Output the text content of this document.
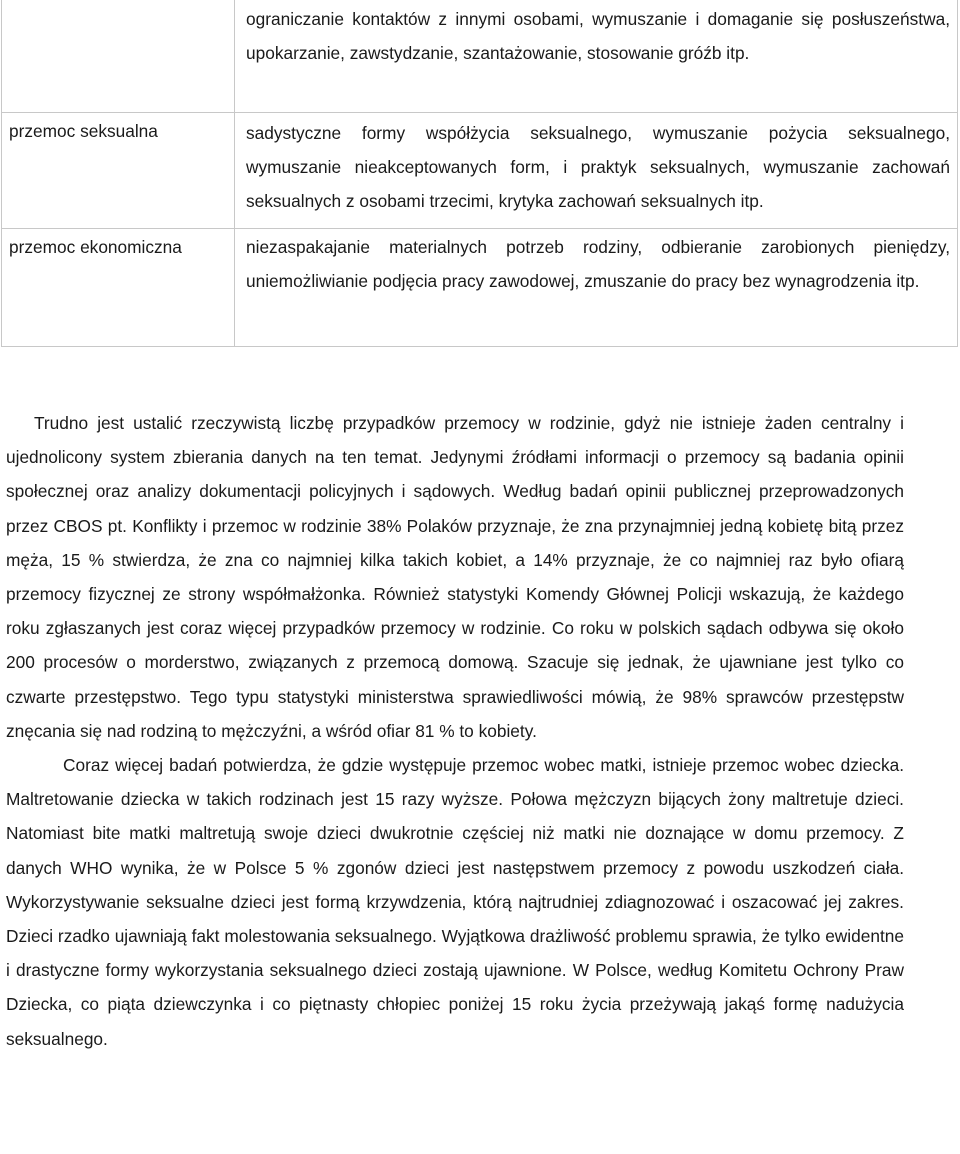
	ograniczanie kontaktów z innymi osobami, wymuszanie i domaganie się posłuszeństwa, upokarzanie, zawstydzanie, szantażowanie, stosowanie gróźb itp.
przemoc seksualna	sadystyczne formy współżycia seksualnego, wymuszanie pożycia seksualnego, wymuszanie nieakceptowanych form, i praktyk seksualnych, wymuszanie zachowań seksualnych z osobami trzecimi, krytyka zachowań seksualnych itp.
przemoc ekonomiczna	niezaspakajanie materialnych potrzeb rodziny, odbieranie zarobionych pieniędzy, uniemożliwianie podjęcia pracy zawodowej, zmuszanie do pracy bez wynagrodzenia itp.

Trudno jest ustalić rzeczywistą liczbę przypadków przemocy w rodzinie, gdyż nie istnieje żaden centralny i ujednolicony system zbierania danych na ten temat. Jedynymi źródłami informacji o przemocy są badania opinii społecznej oraz analizy dokumentacji policyjnych i sądowych. Według badań opinii publicznej przeprowadzonych przez CBOS pt. Konflikty i przemoc w rodzinie 38% Polaków przyznaje, że zna przynajmniej jedną kobietę bitą przez męża, 15 % stwierdza, że zna co najmniej kilka takich kobiet, a 14% przyznaje, że co najmniej raz było ofiarą przemocy fizycznej ze strony współmałżonka. Również statystyki Komendy Głównej Policji wskazują, że każdego roku zgłaszanych jest coraz więcej przypadków przemocy w rodzinie. Co roku w polskich sądach odbywa się około 200 procesów o morderstwo, związanych z przemocą domową. Szacuje się jednak, że ujawniane jest tylko co czwarte przestępstwo. Tego typu statystyki ministerstwa sprawiedliwości mówią, że 98% sprawców przestępstw znęcania się nad rodziną to mężczyźni, a wśród ofiar 81 % to kobiety.

Coraz więcej badań potwierdza, że gdzie występuje przemoc wobec matki, istnieje przemoc wobec dziecka. Maltretowanie dziecka w takich rodzinach jest 15 razy wyższe. Połowa mężczyzn bijących żony maltretuje dzieci. Natomiast bite matki maltretują swoje dzieci dwukrotnie częściej niż matki nie doznające w domu przemocy. Z danych WHO wynika, że w Polsce 5 % zgonów dzieci jest następstwem przemocy z powodu uszkodzeń ciała. Wykorzystywanie seksualne dzieci jest formą krzywdzenia, którą najtrudniej zdiagnozować i oszacować jej zakres. Dzieci rzadko ujawniają fakt molestowania seksualnego. Wyjątkowa drażliwość problemu sprawia, że tylko ewidentne i drastyczne formy wykorzystania seksualnego dzieci zostają ujawnione. W Polsce, według Komitetu Ochrony Praw Dziecka, co piąta dziewczynka i co piętnasty chłopiec poniżej 15 roku życia przeżywają jakąś formę nadużycia seksualnego.
